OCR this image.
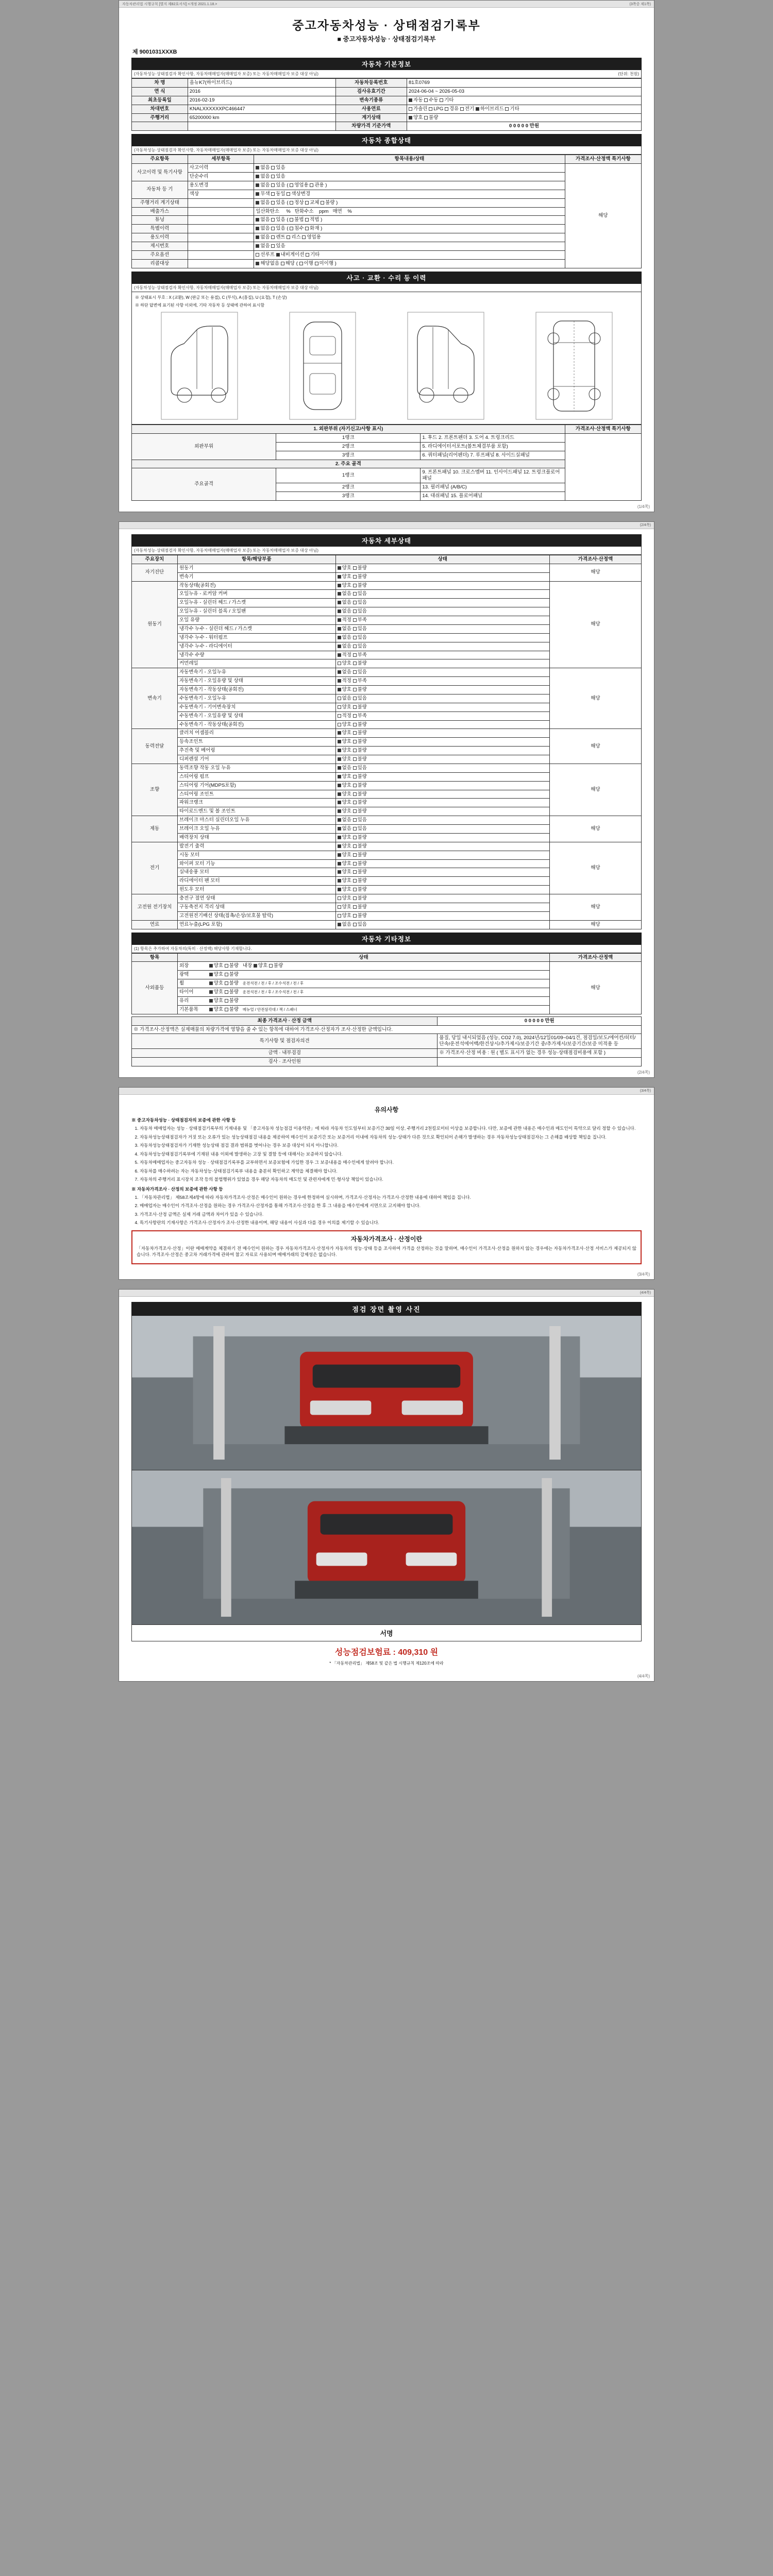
자동차관리법 시행규칙 [별지 제82호서식] <개정 2021.1.18.>	(3쪽중 제1쪽)
중고자동차성능 · 상태점검기록부
■ 중고자동차성능 · 상태점검기록부
제 9001031XXXB
자동차 기본정보
(자동차성능·상태점검자 확인사항, 자동차매매업자(매매업자 보증) 또는 자동차매매업자 보증 대상 아님)	(단위: 천원)
차 명	올뉴K7(하이브리드)	자동차등록번호	81호0769
연 식	2016	검사유효기간	2024-06-04 ~ 2026-05-03
최초등록일	2016-02-19	변속기종류	자동 수동 기타
차대번호	KNALXXXXXXPC466447	사용연료	가솔린 LPG 경유 전기 하이브리드 기타
주행거리	65200000 km	계기상태	양호 불량
		차량가격 기준가액	0 0 0 0 0 만원
자동차 종합상태
(자동차성능·상태점검자 확인사항, 자동차매매업자(매매업자 보증) 또는 자동차매매업자 보증 대상 아님)
주요항목	세부항목	항목내용/상태	가격조사·산정액 특기사항
사고이력 및 특기사항	사고이력	없음 있음	해당
	단순수리	없음 있음	
자동차 등 기	용도변경	없음 있음 ( 영업용 관용 )	
	색상	무색 동일 색상변경	
주행거리 계기상태		없음 있음 ( 정상 교체 불량 )	
배출가스		일산화탄소     %   탄화수소    ppm   매연    %	
튜닝		없음 있음 ( 불법 적법 )	
특별이력		없음 있음 ( 침수 화재 )	
용도이력		없음 렌트 리스 영업용	
제시번호		없음 있음	
주요옵션		선루프 내비게이션 기타	
리콜대상		해당없음 해당 ( 이행 미이행 )	
사고 · 교환 · 수리 등 이력
(자동차성능·상태점검자 확인사항, 자동차매매업자(매매업자 보증) 또는 자동차매매업자 보증 대상 아님)
※ 상태표시 부호 : X (교환), W (판금 또는 용접), C (부식), A (흠집), U (요철), T (손상)
※ 하단 답변에 표기된 사항 이외에, 기타 자동차 등 상태에 관하여 표시함
1. 외판부위 (자기신고/사항 표시)			가격조사·산정액 특기사항
외판부위	1랭크	1. 후드 2. 프론트펜더 3. 도어 4. 트렁크리드	
	2랭크	5. 라디에이터서포트(볼트체결부품 포함)	
	3랭크	6. 쿼터패널(리어펜더) 7. 루프패널 8. 사이드실패널	
2. 주요 골격			
주요골격	1랭크	9. 프론트패널 10. 크로스멤버 11. 인사이드패널 12. 트렁크플로어패널	
	2랭크	13. 필러패널 (A/B/C)	
	3랭크	14. 대쉬패널 15. 플로어패널	
(1/4쪽)
(2/4쪽)
자동차 세부상태
(자동차성능·상태점검자 확인사항, 자동차매매업자(매매업자 보증) 또는 자동차매매업자 보증 대상 아님)
주요장치	항목/해당부품	상태	가격조사·산정액
자기진단	원동기	양호 불량	해당
	변속기	양호 불량	
원동기	작동상태(공회전)	양호 불량	해당
	오일누유 - 로커암 커버	없음 있음	
	오일누유 - 실린더 헤드 / 가스켓	없음 있음	
	오일누유 - 실린더 블록 / 오일팬	없음 있음	
	오일 유량	적정 부족	
	냉각수 누수 - 실린더 헤드 / 가스켓	없음 있음	
	냉각수 누수 - 워터펌프	없음 있음	
	냉각수 누수 - 라디에이터	없음 있음	
	냉각수 수량	적정 부족	
	커먼레일	양호 불량	
변속기	자동변속기 - 오일누유	없음 있음	해당
	자동변속기 - 오일유량 및 상태	적정 부족	
	자동변속기 - 작동상태(공회전)	양호 불량	
	수동변속기 - 오일누유	없음 있음	
	수동변속기 - 기어변속장치	양호 불량	
	수동변속기 - 오일유량 및 상태	적정 부족	
	수동변속기 - 작동상태(공회전)	양호 불량	
동력전달	클러치 어셈블리	양호 불량	해당
	등속조인트	양호 불량	
	추진축 및 베어링	양호 불량	
	디퍼렌셜 기어	양호 불량	
조향	동력조향 작동 오일 누유	없음 있음	해당
	스티어링 펌프	양호 불량	
	스티어링 기어(MDPS포함)	양호 불량	
	스티어링 조인트	양호 불량	
	파워크랭크	양호 불량	
	타이로드엔드 및 볼 조인트	양호 불량	
제동	브레이크 마스터 실린더오일 누유	없음 있음	해당
	브레이크 오일 누유	없음 있음	
	배력장치 상태	양호 불량	
전기	발전기 출력	양호 불량	해당
	시동 모터	양호 불량	
	와이퍼 모터 기능	양호 불량	
	실내송풍 모터	양호 불량	
	라디에이터 팬 모터	양호 불량	
	윈도우 모터	양호 불량	
고전원 전기장치	충전구 절연 상태	양호 불량	해당
	구동축전지 격리 상태	양호 불량	
	고전원전기배선 상태(접촉/손상/보호물 탈락)	양호 불량	
연료	연료누출(LPG 포함)	없음 있음	해당
자동차 기타정보
(1) 항목은 추가하여 자동차의(특히 · 산정액) 해당사항 기재합니다.
항목	상태	가격조사·산정액
사외품등	외장 양호 불량   내장 양호 불량	해당
	광택 양호 불량	
	휠 양호 불량   운전석전 / 전 / 후 / 조수석전 / 전 / 후	
	타이어 양호 불량   운전석전 / 전 / 후 / 조수석전 / 전 / 후	
	유리 양호 불량	
	기본품목 양호 불량   메뉴얼 / 안전삼각대 / 잭 / 스패너	
최종 가격조사 · 산정 금액	0 0 0 0 0 만원
※ 가격조사·산정액은 실제매물의 차량가격에 영향을 줄 수 있는 항목에 대하여 가격조사·산정자가 조사·산정한 금액입니다.	
특기사항 및 점검자의견	품질, 당일 내시되었음 (성능, CO2 7.0), 2024년/12일01/09~04/1건, 점검일/보도/에어컨/히터/단속/운전석에어백/한건상시/추가제시/보증기간 중/추가제시/보증기간/보증 미적용 등
금액 · 내부검검	※ 가격조사·산정 비용 : 원 ( 별도 표시가 없는 경우 성능·상태점검비용에 포함 )
검사 · 조사인원	
(2/4쪽)
(3/4쪽)
유의사항

※ 중고자동차성능 · 상태점검자의 보증에 관한 사항 등

1. 자동차 매매업자는 성능 · 상태점검기록부의 기재내용 및 「중고자동차 성능점검 이용약관」에 따라 자동차 인도일부터 보증기간 30일 이상, 주행거리 2천킬로미터 이상을 보증합니다. 다만, 보증에 관한 내용은 매수인과 매도인이 특약으로 달리 정할 수 있습니다.
2. 자동차성능상태점검자가 거짓 또는 오류가 있는 성능상태점검 내용을 제공하여 매수인이 보증기간 또는 보증거리 이내에 자동차의 성능·상태가 다른 것으로 확인되어 손해가 발생하는 경우 자동차성능상태점검자는 그 손해를 배상할 책임을 집니다.
3. 자동차성능상태점검자가 기재한 성능상태 점검 결과 범위를 벗어나는 경우 보증 대상이 되지 아니합니다.
4. 자동차성능상태점검기록부에 기재된 내용 이외에 발생하는 고장 및 결함 등에 대해서는 보증하지 않습니다.
5. 자동차매매업자는 중고자동차 성능 · 상태점검기록부를 교부하면서 보증보험에 가입한 경우 그 보증내용을 매수인에게 알려야 합니다.
6. 자동차를 매수하려는 자는 자동차성능·상태점검기록부 내용을 충분히 확인하고 계약을 체결해야 합니다.
7. 자동차의 주행거리 표시장치 조작 등의 불법행위가 있었을 경우 해당 자동차의 매도인 및 관련자에게 민·형사상 책임이 있습니다.

※ 자동차가격조사 · 산정의 보증에 관한 사항 등

1. 「자동차관리법」 제58조제4항에 따라 자동차가격조사·산정은 매수인이 원하는 경우에 한정하여 실시하며, 가격조사·산정자는 가격조사·산정한 내용에 대하여 책임을 집니다.
2. 매매업자는 매수인이 가격조사·산정을 원하는 경우 가격조사·산정자를 통해 가격조사·산정을 한 후 그 내용을 매수인에게 서면으로 고지해야 합니다.
3. 가격조사·산정 금액은 실제 거래 금액과 차이가 있을 수 있습니다.
4. 특기사항란의 기재사항은 가격조사·산정자가 조사·산정한 내용이며, 해당 내용이 사실과 다를 경우 이의를 제기할 수 있습니다.
자동차가격조사 · 산정이란

「자동차가격조사·산정」이란 매매계약을 체결하기 전 매수인이 원하는 경우 자동차가격조사·산정자가 자동차의 성능·상태 등을 조사하여 가격을 산정하는 것을 말하며, 매수인이 가격조사·산정을 원하지 않는 경우에는 자동차가격조사·산정 서비스가 제공되지 않습니다. 가격조사·산정은 중고차 거래가격에 관하여 참고 자료로 사용되며 매매거래의 강제성은 없습니다.

(3/4쪽)
(4/4쪽)
점검 장면 촬영 사진
서명
성능점검보험료 : 409,310 원
* 「자동차관리법」 제58조 및 같은 법 시행규칙 제120조에 따라
(4/4쪽)
